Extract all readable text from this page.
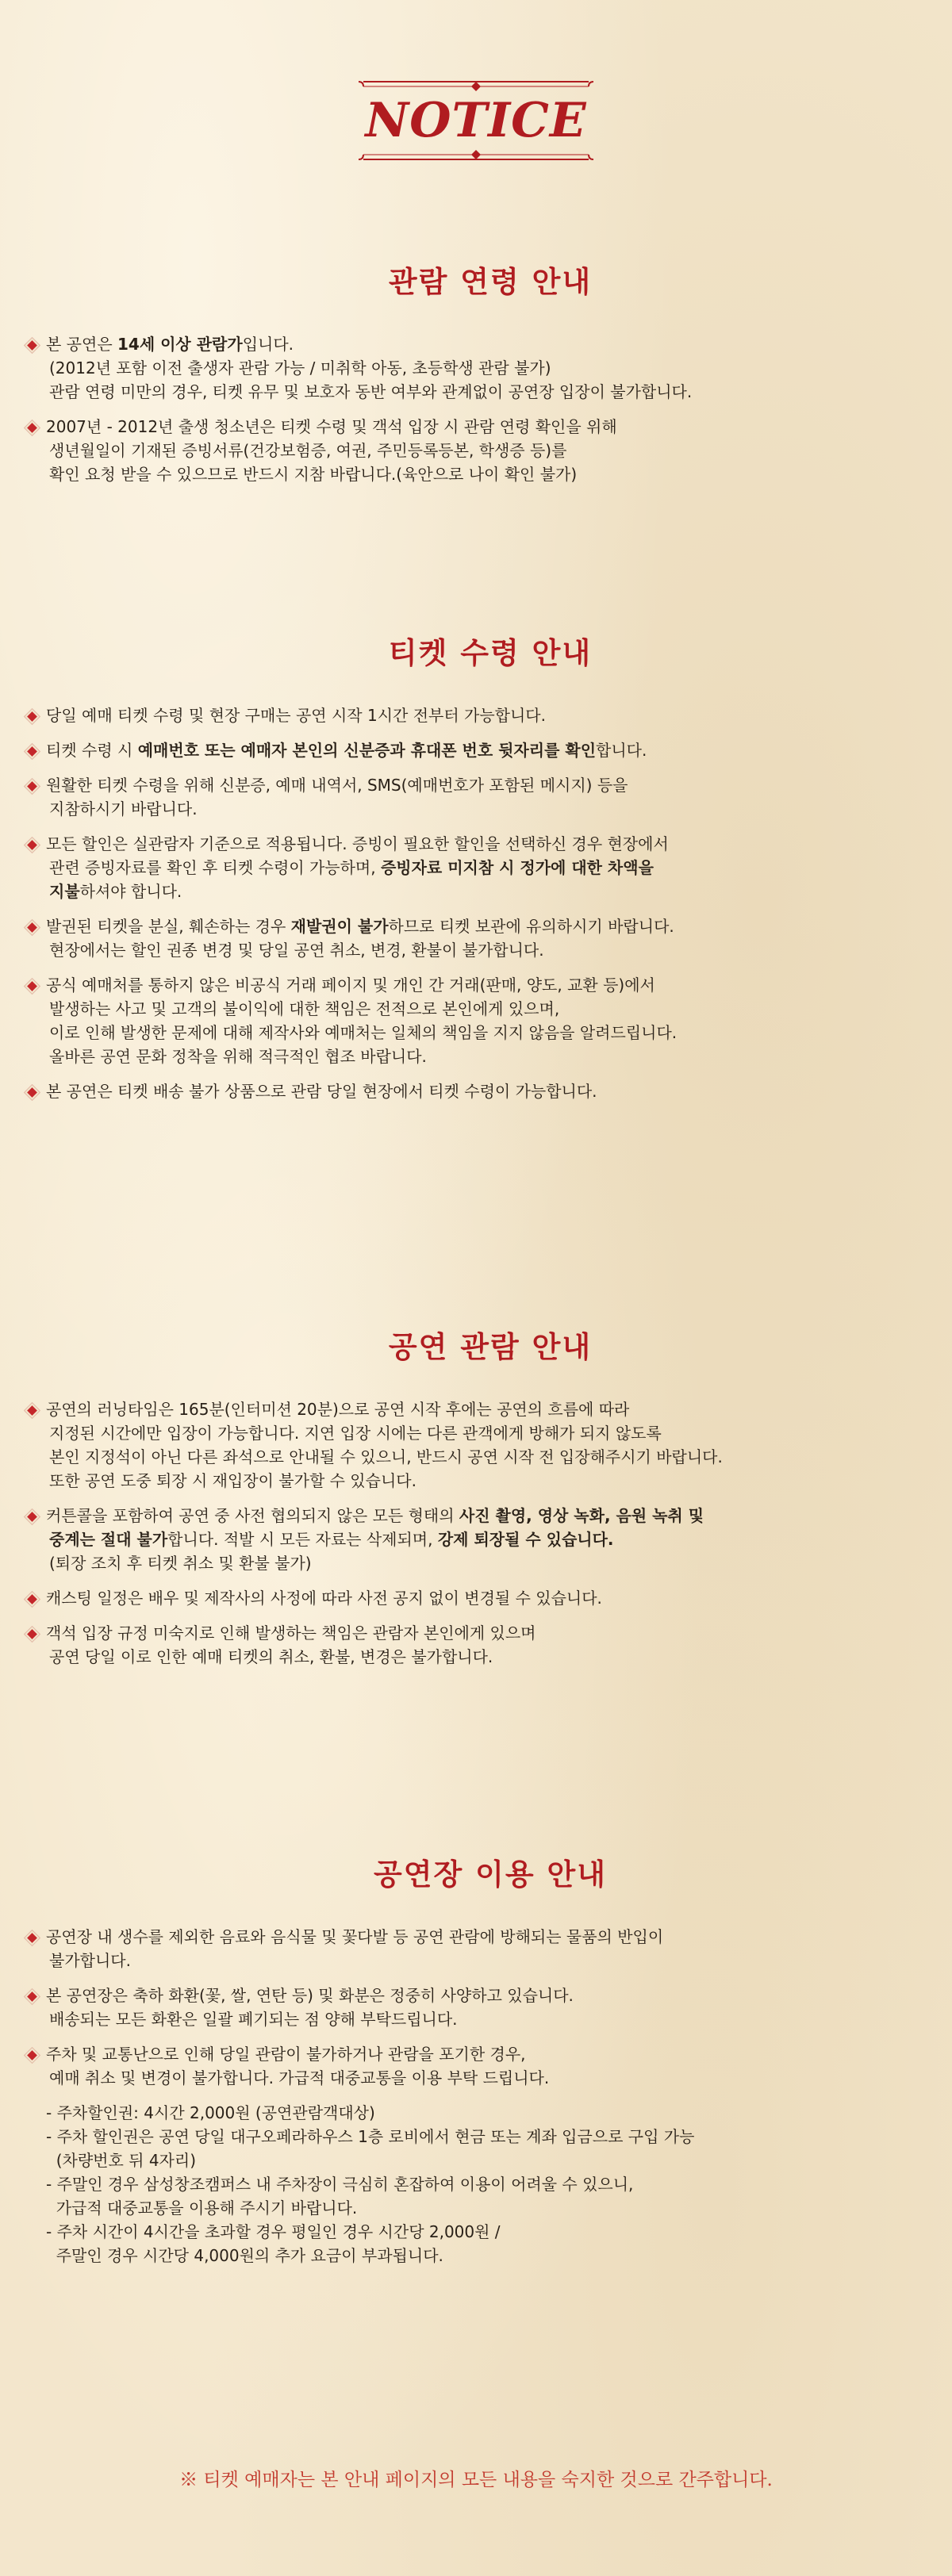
NOTICE
관람 연령 안내
본 공연은 14세 이상 관람가입니다.
(2012년 포함 이전 출생자 관람 가능 / 미취학 아동, 초등학생 관람 불가)
관람 연령 미만의 경우, 티켓 유무 및 보호자 동반 여부와 관계없이 공연장 입장이 불가합니다.
2007년 - 2012년 출생 청소년은 티켓 수령 및 객석 입장 시 관람 연령 확인을 위해
생년월일이 기재된 증빙서류(건강보험증, 여권, 주민등록등본, 학생증 등)를
확인 요청 받을 수 있으므로 반드시 지참 바랍니다.(육안으로 나이 확인 불가)
티켓 수령 안내
당일 예매 티켓 수령 및 현장 구매는 공연 시작 1시간 전부터 가능합니다.
티켓 수령 시 예매번호 또는 예매자 본인의 신분증과 휴대폰 번호 뒷자리를 확인합니다.
원활한 티켓 수령을 위해 신분증, 예매 내역서, SMS(예매번호가 포함된 메시지) 등을
지참하시기 바랍니다.
모든 할인은 실관람자 기준으로 적용됩니다. 증빙이 필요한 할인을 선택하신 경우 현장에서
관련 증빙자료를 확인 후 티켓 수령이 가능하며, 증빙자료 미지참 시 정가에 대한 차액을
지불하셔야 합니다.
발권된 티켓을 분실, 훼손하는 경우 재발권이 불가하므로 티켓 보관에 유의하시기 바랍니다.
현장에서는 할인 권종 변경 및 당일 공연 취소, 변경, 환불이 불가합니다.
공식 예매처를 통하지 않은 비공식 거래 페이지 및 개인 간 거래(판매, 양도, 교환 등)에서
발생하는 사고 및 고객의 불이익에 대한 책임은 전적으로 본인에게 있으며,
이로 인해 발생한 문제에 대해 제작사와 예매처는 일체의 책임을 지지 않음을 알려드립니다.
올바른 공연 문화 정착을 위해 적극적인 협조 바랍니다.
본 공연은 티켓 배송 불가 상품으로 관람 당일 현장에서 티켓 수령이 가능합니다.
공연 관람 안내
공연의 러닝타임은 165분(인터미션 20분)으로 공연 시작 후에는 공연의 흐름에 따라
지정된 시간에만 입장이 가능합니다. 지연 입장 시에는 다른 관객에게 방해가 되지 않도록
본인 지정석이 아닌 다른 좌석으로 안내될 수 있으니, 반드시 공연 시작 전 입장해주시기 바랍니다.
또한 공연 도중 퇴장 시 재입장이 불가할 수 있습니다.
커튼콜을 포함하여 공연 중 사전 협의되지 않은 모든 형태의 사진 촬영, 영상 녹화, 음원 녹취 및
중계는 절대 불가합니다. 적발 시 모든 자료는 삭제되며, 강제 퇴장될 수 있습니다.
(퇴장 조치 후 티켓 취소 및 환불 불가)
캐스팅 일정은 배우 및 제작사의 사정에 따라 사전 공지 없이 변경될 수 있습니다.
객석 입장 규정 미숙지로 인해 발생하는 책임은 관람자 본인에게 있으며
공연 당일 이로 인한 예매 티켓의 취소, 환불, 변경은 불가합니다.
공연장 이용 안내
공연장 내 생수를 제외한 음료와 음식물 및 꽃다발 등 공연 관람에 방해되는 물품의 반입이
불가합니다.
본 공연장은 축하 화환(꽃, 쌀, 연탄 등) 및 화분은 정중히 사양하고 있습니다.
배송되는 모든 화환은 일괄 폐기되는 점 양해 부탁드립니다.
주차 및 교통난으로 인해 당일 관람이 불가하거나 관람을 포기한 경우,
예매 취소 및 변경이 불가합니다. 가급적 대중교통을 이용 부탁 드립니다.
- 주차할인권: 4시간 2,000원 (공연관람객대상)
- 주차 할인권은 공연 당일 대구오페라하우스 1층 로비에서 현금 또는 계좌 입금으로 구입 가능
(차량번호 뒤 4자리)
- 주말인 경우 삼성창조캠퍼스 내 주차장이 극심히 혼잡하여 이용이 어려울 수 있으니,
가급적 대중교통을 이용해 주시기 바랍니다.
- 주차 시간이 4시간을 초과할 경우 평일인 경우 시간당 2,000원 /
주말인 경우 시간당 4,000원의 추가 요금이 부과됩니다.
※ 티켓 예매자는 본 안내 페이지의 모든 내용을 숙지한 것으로 간주합니다.
